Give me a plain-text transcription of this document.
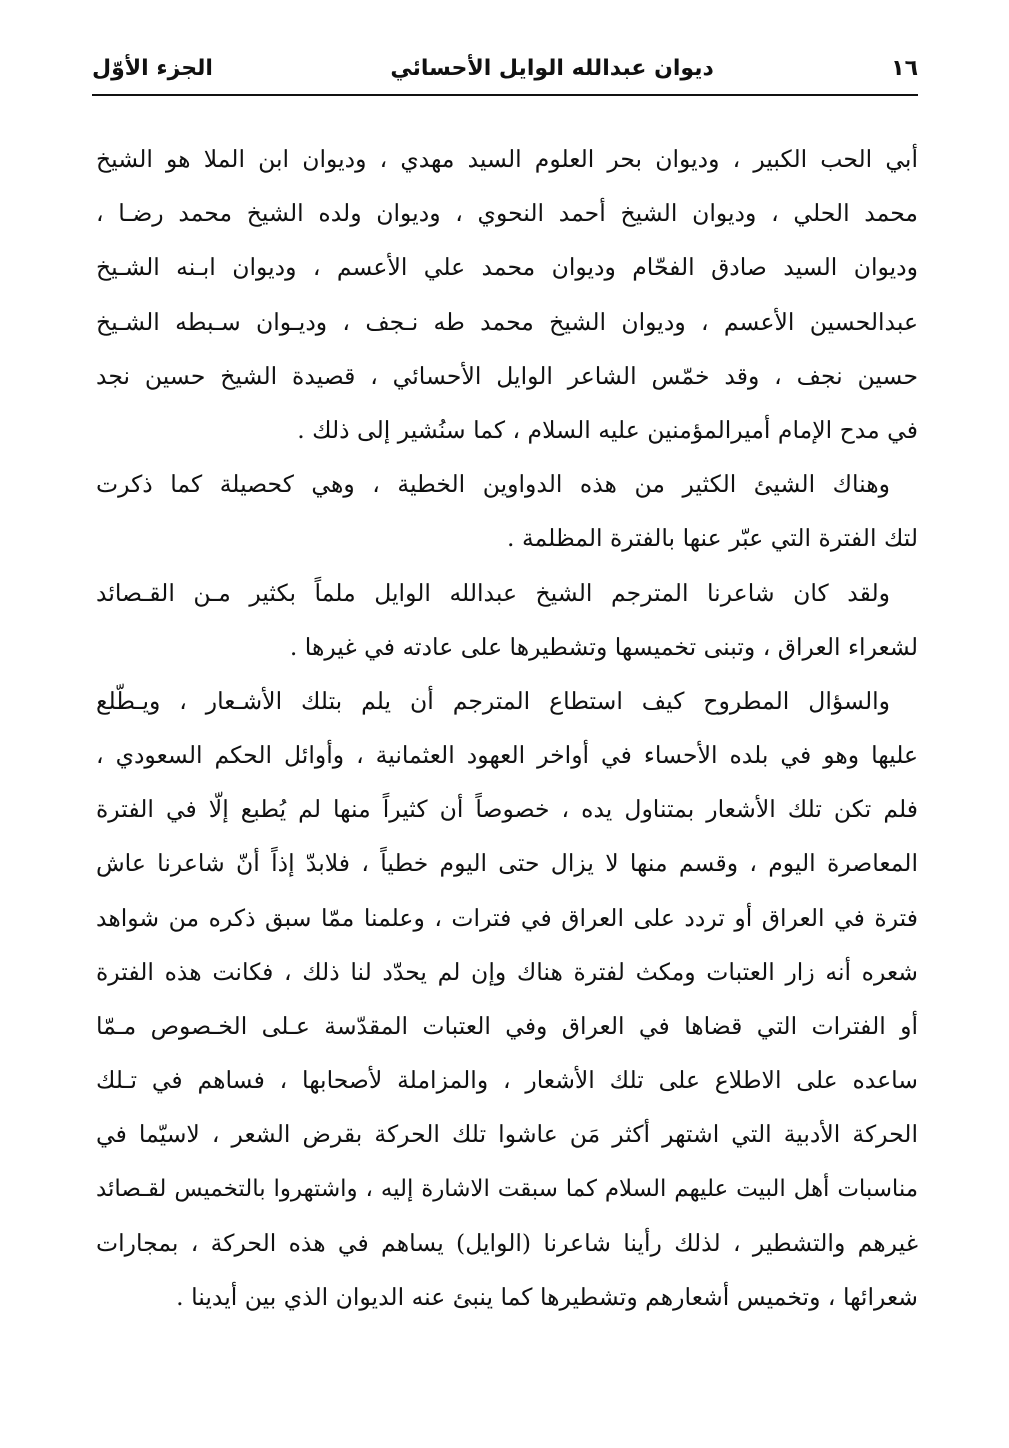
١٦
ديوان عبدالله الوايل الأحسائي
الجزء الأوّل
أبي الحب الكبير ، وديوان بحر العلوم السيد مهدي ، وديوان ابن الملا هو الشيخ
محمد الحلي ، وديوان الشيخ أحمد النحوي ، وديوان ولده الشيخ محمد رضـا ،
وديوان السيد صادق الفحّام وديوان محمد علي الأعسم ، وديوان ابـنه الشـيخ
عبدالحسين الأعسم ، وديوان الشيخ محمد طه نـجف ، وديـوان سـبطه الشـيخ
حسين نجف ، وقد خمّس الشاعر الوايل الأحسائي ، قصيدة الشيخ حسين نجد
في مدح الإمام أميرالمؤمنين عليه السلام ، كما سنُشير إلى ذلك .
وهناك الشيئ الكثير من هذه الدواوين الخطية ، وهي كحصيلة كما ذكرت
لتك الفترة التي عبّر عنها بالفترة المظلمة .
ولقد كان شاعرنا المترجم الشيخ عبدالله الوايل ملماً بكثير مـن القـصائد
لشعراء العراق ، وتبنى تخميسها وتشطيرها على عادته في غيرها .
والسؤال المطروح كيف استطاع المترجم أن يلم بتلك الأشـعار ، ويـطّلع
عليها وهو في بلده الأحساء في أواخر العهود العثمانية ، وأوائل الحكم السعودي ،
فلم تكن تلك الأشعار بمتناول يده ، خصوصاً أن كثيراً منها لم يُطبع إلّا في الفترة
المعاصرة اليوم ، وقسم منها لا يزال حتى اليوم خطياً ، فلابدّ إذاً أنّ شاعرنا عاش
فترة في العراق أو تردد على العراق في فترات ، وعلمنا ممّا سبق ذكره من شواهد
شعره أنه زار العتبات ومكث لفترة هناك وإن لم يحدّد لنا ذلك ، فكانت هذه الفترة
أو الفترات التي قضاها في العراق وفي العتبات المقدّسة عـلى الخـصوص مـمّا
ساعده على الاطلاع على تلك الأشعار ، والمزاملة لأصحابها ، فساهم في تـلك
الحركة الأدبية التي اشتهر أكثر مَن عاشوا تلك الحركة بقرض الشعر ، لاسيّما في
مناسبات أهل البيت عليهم السلام كما سبقت الاشارة إليه ، واشتهروا بالتخميس لقـصائد
غيرهم والتشطير ، لذلك رأينا شاعرنا (الوايل) يساهم في هذه الحركة ، بمجارات
شعرائها ، وتخميس أشعارهم وتشطيرها كما ينبئ عنه الديوان الذي بين أيدينا .
